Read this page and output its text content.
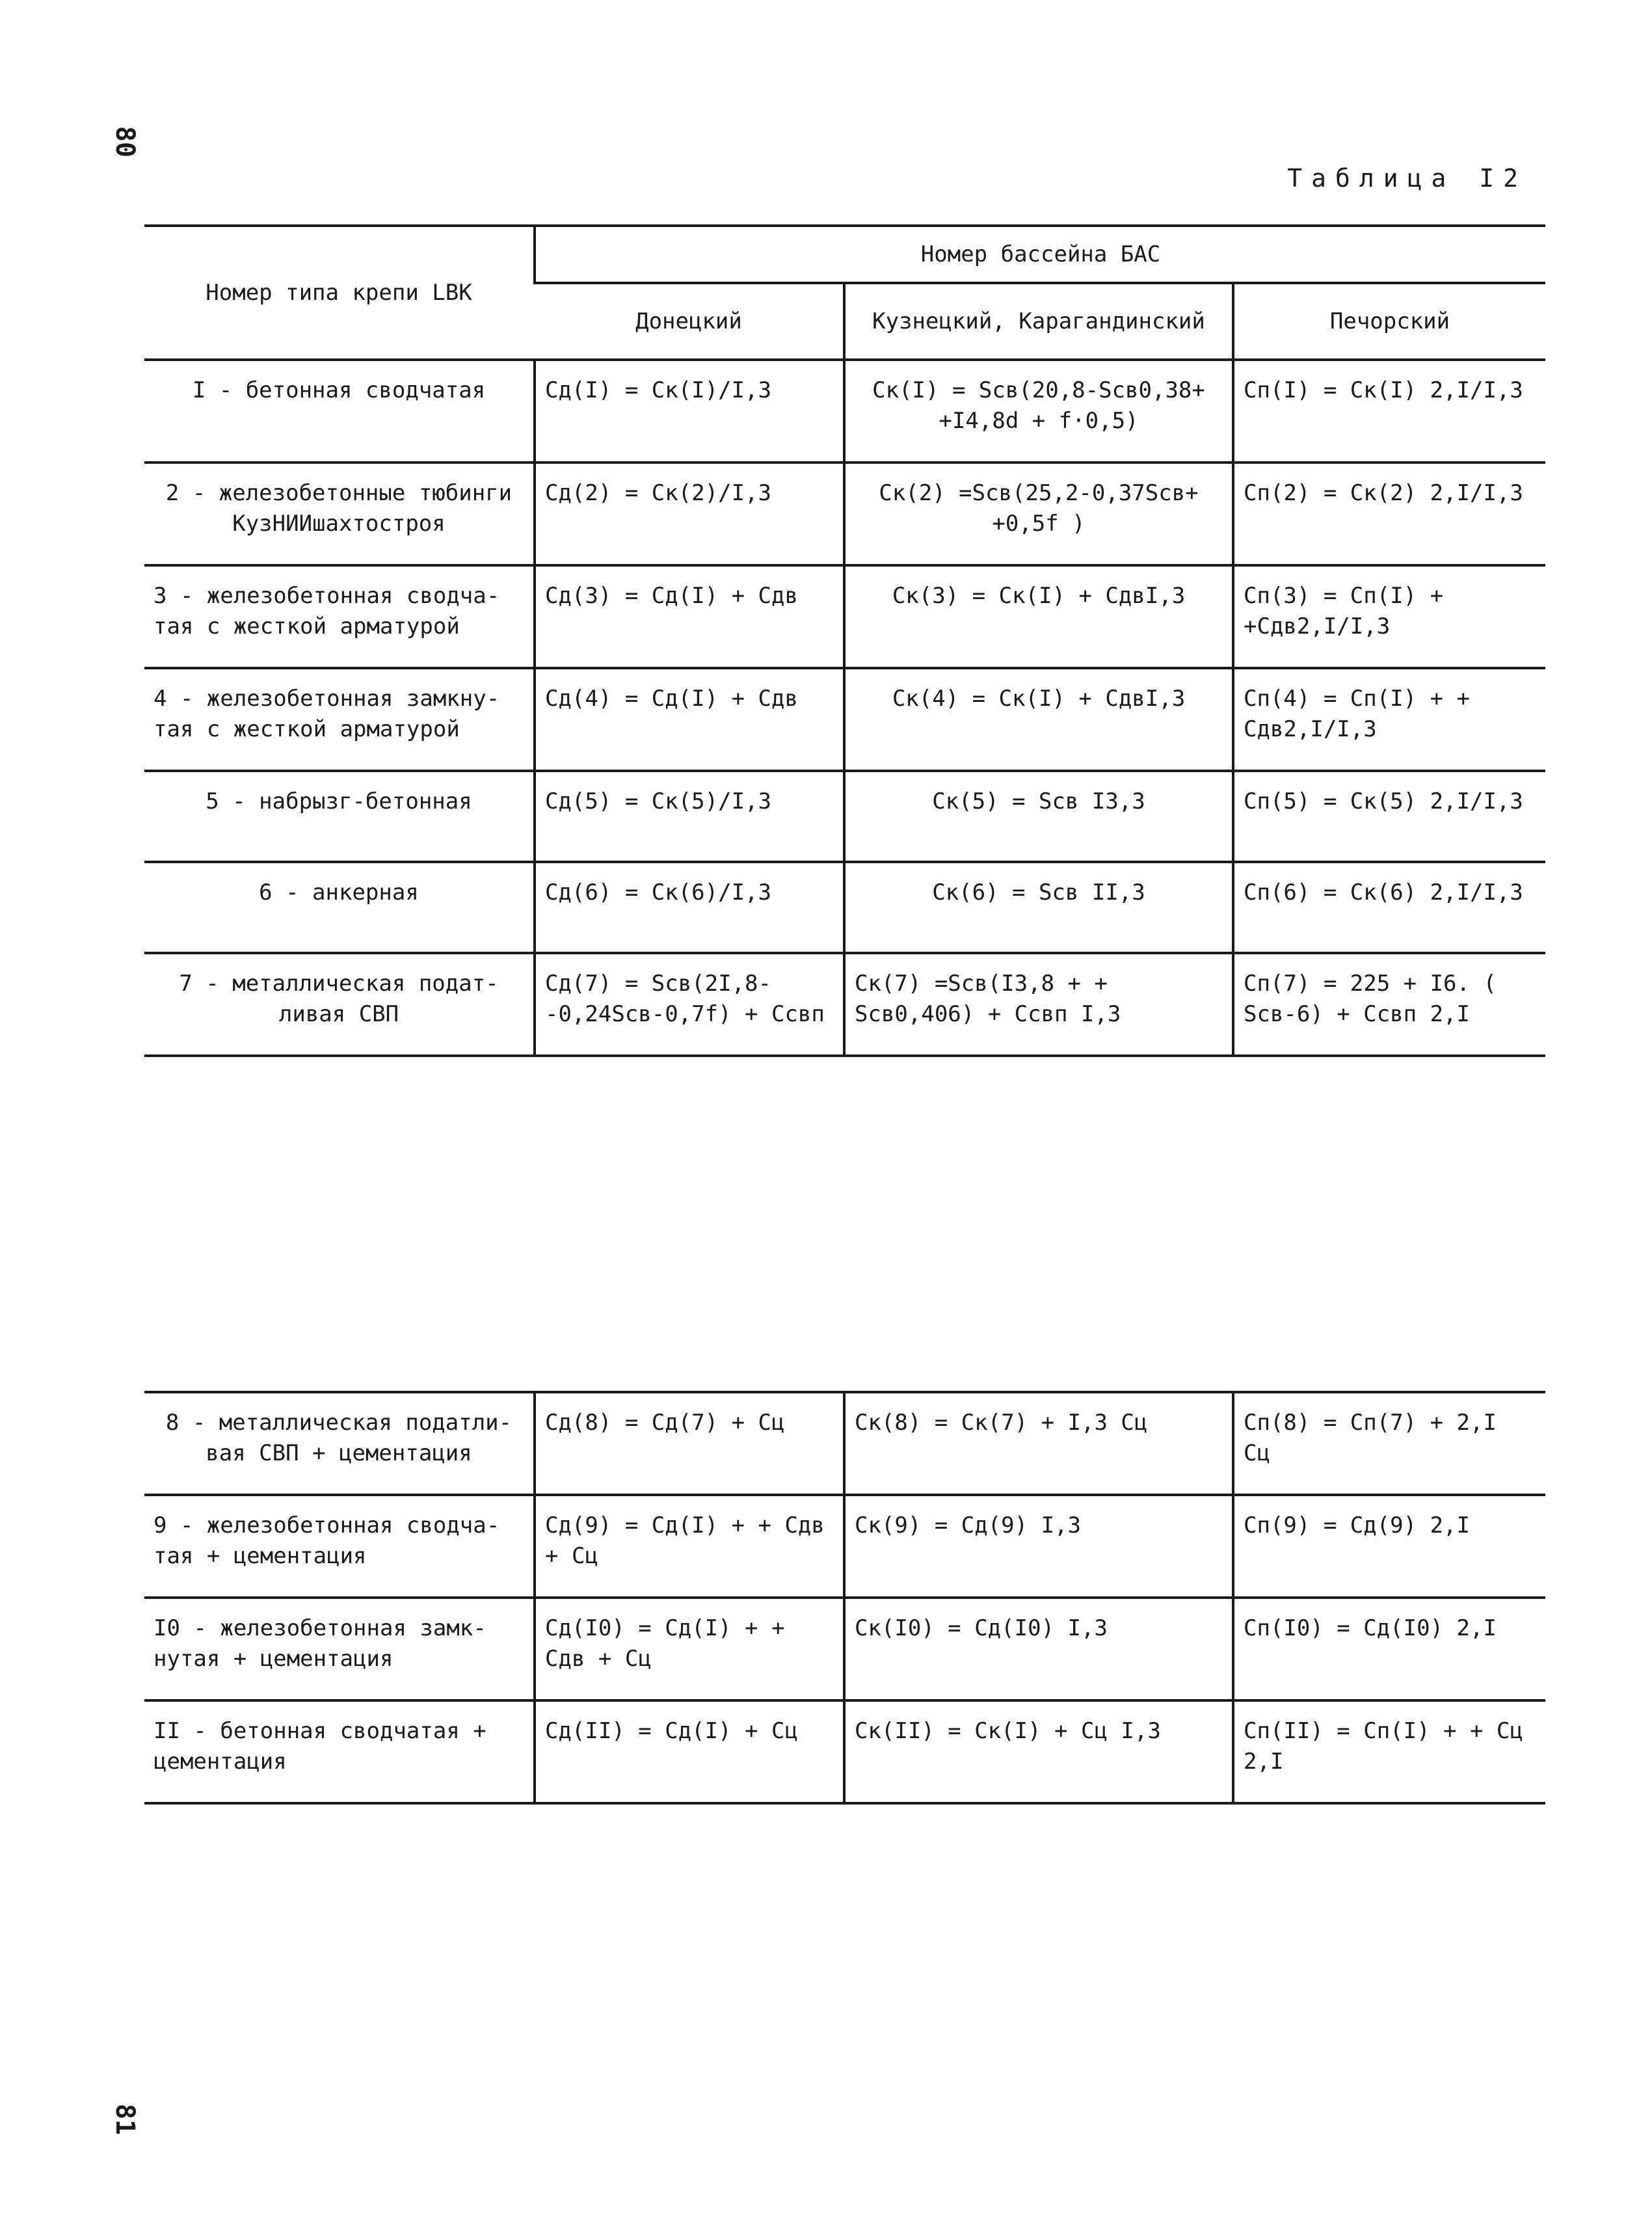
80
Таблица I2
Номер типа крепи LВК	Номер бассейна БАС		
	Донецкий	Кузнецкий, Карагандинский	Печорский
I - бетонная сводчатая	Cд(I) = Cк(I)/I,3	Cк(I) = Sсв(20,8-Sсв0,38+ +I4,8d + f·0,5)	Cп(I) = Cк(I) 2,I/I,3
2 - железобетонные тюбинги КузНИИшахтостроя	Cд(2) = Cк(2)/I,3	Cк(2) =Sсв(25,2-0,37Sсв+ +0,5f )	Cп(2) = Cк(2) 2,I/I,3
3 - железобетонная сводча-тая с жесткой арматурой	Cд(3) = Cд(I) + Cдв	Cк(3) = Cк(I) + CдвI,3	Cп(3) = Cп(I) + +Cдв2,I/I,3
4 - железобетонная замкну-тая с жесткой арматурой	Cд(4) = Cд(I) + Cдв	Cк(4) = Cк(I) + CдвI,3	Cп(4) = Cп(I) + + Cдв2,I/I,3
5 - набрызг-бетонная	Cд(5) = Cк(5)/I,3	Cк(5) = Sсв I3,3	Cп(5) = Cк(5) 2,I/I,3
6 - анкерная	Cд(6) = Cк(6)/I,3	Cк(6) = Sсв II,3	Cп(6) = Cк(6) 2,I/I,3
7 - металлическая подат-ливая СВП	Cд(7) = Sсв(2I,8- -0,24Sсв-0,7f) + Cсвп	Cк(7) =Sсв(I3,8 + + Sсв0,406) + Cсвп I,3	Cп(7) = 225 + I6. ( Sсв-6) + Cсвп 2,I
8 - металлическая податли-вая СВП + цементация	Cд(8) = Cд(7) + Cц	Cк(8) = Cк(7) + I,3 Cц	Cп(8) = Cп(7) + 2,I Cц
9 - железобетонная сводча-тая + цементация	Cд(9) = Cд(I) + + Cдв + Cц	Cк(9) = Cд(9) I,3	Cп(9) = Cд(9) 2,I
I0 - железобетонная замк-нутая + цементация	Cд(I0) = Cд(I) + + Cдв + Cц	Cк(I0) = Cд(I0) I,3	Cп(I0) = Cд(I0) 2,I
II - бетонная сводчатая + цементация	Cд(II) = Cд(I) + Cц	Cк(II) = Cк(I) + Cц I,3	Cп(II) = Cп(I) + + Cц 2,I
81
